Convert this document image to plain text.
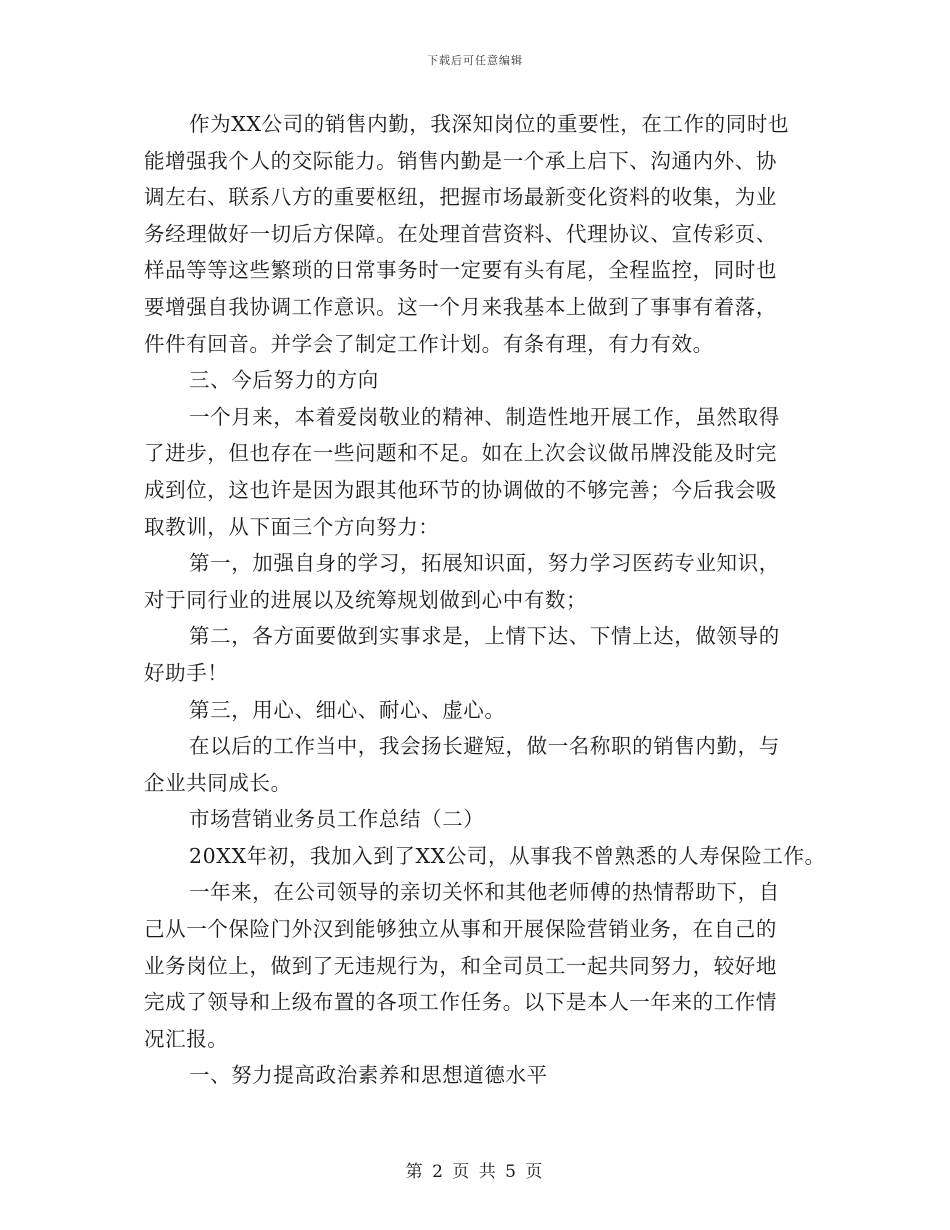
下载后可任意编辑
作为XX公司的销售内勤，我深知岗位的重要性，在工作的同时也
能增强我个人的交际能力。销售内勤是一个承上启下、沟通内外、协
调左右、联系八方的重要枢纽，把握市场最新变化资料的收集，为业
务经理做好一切后方保障。在处理首营资料、代理协议、宣传彩页、
样品等等这些繁琐的日常事务时一定要有头有尾，全程监控，同时也
要增强自我协调工作意识。这一个月来我基本上做到了事事有着落，
件件有回音。并学会了制定工作计划。有条有理，有力有效。
三、今后努力的方向
一个月来，本着爱岗敬业的精神、制造性地开展工作，虽然取得
了进步，但也存在一些问题和不足。如在上次会议做吊牌没能及时完
成到位，这也许是因为跟其他环节的协调做的不够完善；今后我会吸
取教训，从下面三个方向努力：
第一，加强自身的学习，拓展知识面，努力学习医药专业知识，
对于同行业的进展以及统筹规划做到心中有数；
第二，各方面要做到实事求是，上情下达、下情上达，做领导的
好助手！
第三，用心、细心、耐心、虚心。
在以后的工作当中，我会扬长避短，做一名称职的销售内勤，与
企业共同成长。
市场营销业务员工作总结（二）
20XX年初，我加入到了XX公司，从事我不曾熟悉的人寿保险工作。
一年来，在公司领导的亲切关怀和其他老师傅的热情帮助下，自
己从一个保险门外汉到能够独立从事和开展保险营销业务，在自己的
业务岗位上，做到了无违规行为，和全司员工一起共同努力，较好地
完成了领导和上级布置的各项工作任务。以下是本人一年来的工作情
况汇报。
一、努力提高政治素养和思想道德水平
第 2 页 共 5 页
